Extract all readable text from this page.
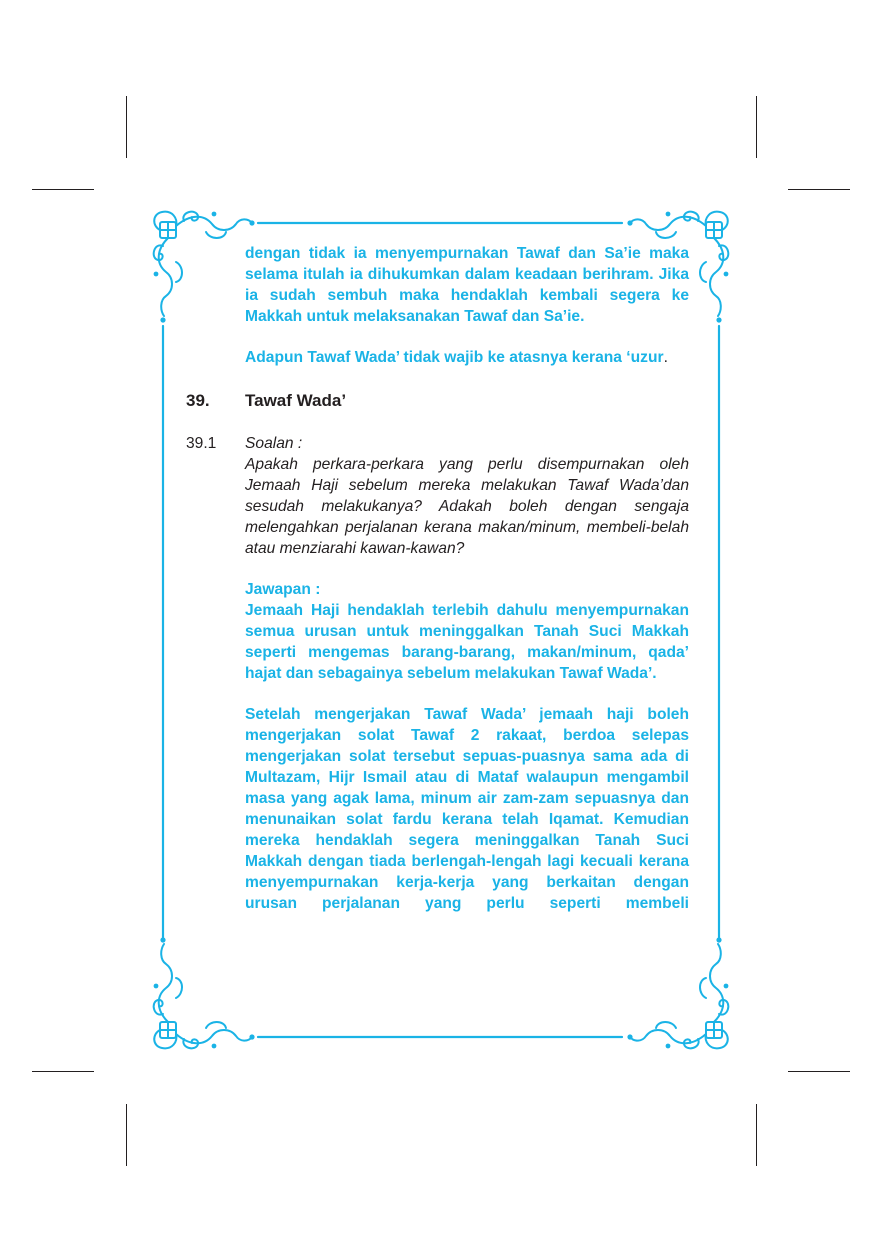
dengan tidak ia menyempurnakan Tawaf dan Sa’ie maka selama itulah ia dihukumkan dalam keadaan berihram. Jika ia sudah sembuh maka hendaklah kembali segera ke Makkah untuk melaksanakan Tawaf dan Sa’ie.
Adapun Tawaf Wada’ tidak wajib ke atasnya kerana ‘uzur.
39.	Tawaf Wada’
39.1	Soalan :
Apakah perkara-perkara yang perlu disempurnakan oleh Jemaah Haji sebelum mereka melakukan Tawaf Wada’dan sesudah melakukanya? Adakah boleh dengan sengaja melengahkan perjalanan kerana makan/minum, membeli-belah atau menziarahi kawan-kawan?
Jawapan :
Jemaah Haji hendaklah terlebih dahulu menyempurnakan semua urusan untuk meninggalkan Tanah Suci Makkah seperti mengemas barang-barang, makan/minum, qada’ hajat dan sebagainya sebelum melakukan Tawaf Wada’.
Setelah mengerjakan Tawaf Wada’ jemaah haji boleh mengerjakan solat Tawaf 2 rakaat, berdoa selepas mengerjakan solat tersebut sepuas-puasnya sama ada di Multazam, Hijr Ismail atau di Mataf walaupun mengambil masa yang agak lama, minum air zam-zam sepuasnya dan menunaikan solat fardu kerana telah Iqamat. Kemudian mereka hendaklah segera meninggalkan Tanah Suci Makkah dengan tiada berlengah-lengah lagi kecuali kerana menyempurnakan kerja-kerja yang berkaitan dengan urusan perjalanan yang perlu seperti membeli
